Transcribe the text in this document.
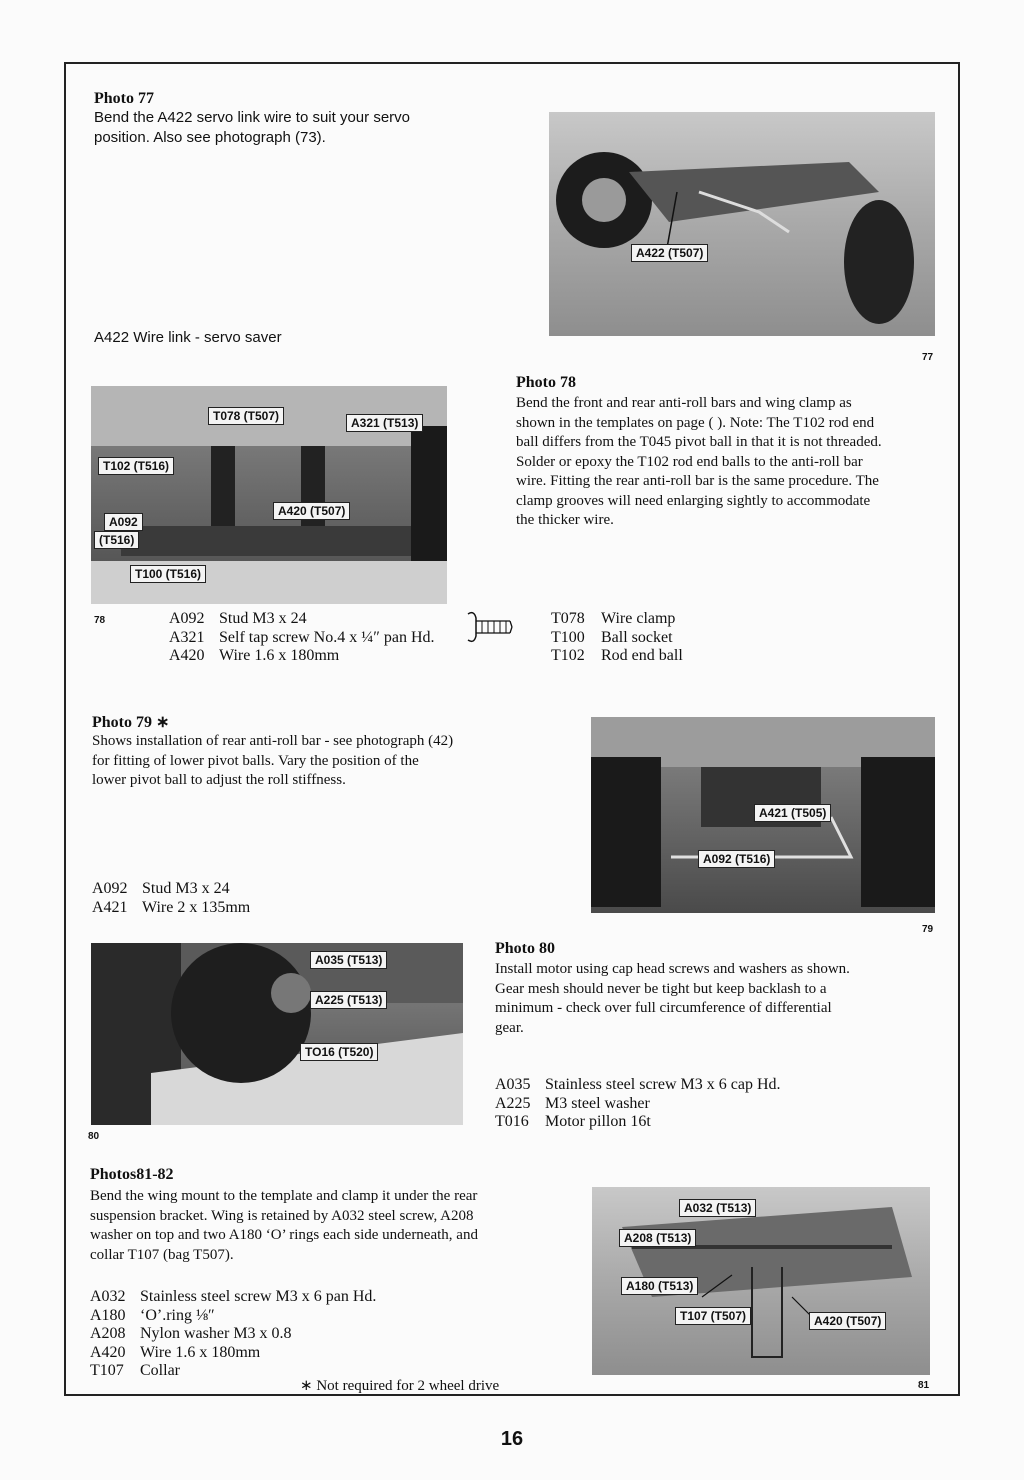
Photo 77
Bend the A422 servo link wire to suit your servo position. Also see photograph (73).
A422 Wire link - servo saver
A422 (T507)
77
Photo 78
Bend the front and rear anti-roll bars and wing clamp as shown in the templates on page ( ). Note: The T102 rod end ball differs from the T045 pivot ball in that it is not threaded. Solder or epoxy the T102 rod end balls to the anti-roll bar wire. Fitting the rear anti-roll bar is the same procedure. The clamp grooves will need enlarging sightly to accommodate the thicker wire.
T078 (T507)	A321 (T513)
T102 (T516)
A092
(T516)
A420 (T507)
T100 (T516)
78	A092 Stud M3 x 24
A321 Self tap screw No.4 x ¼″ pan Hd.
A420 Wire 1.6 x 180mm
T078	Wire clamp
T100	Ball socket
T102	Rod end ball
Photo 79 ∗
Shows installation of rear anti-roll bar - see photograph (42) for fitting of lower pivot balls. Vary the position of the lower pivot ball to adjust the roll stiffness.
A421 (T505)
A092 (T516)
79
A092 Stud M3 x 24
A421 Wire 2 x 135mm
Photo 80
Install motor using cap head screws and washers as shown. Gear mesh should never be tight but keep backlash to a minimum - check over full circumference of differential gear.
A035 (T513)
A225 (T513)
TO16 (T520)
80
A035 Stainless steel screw M3 x 6 cap Hd.
A225 M3 steel washer
T016	Motor pillon 16t
Photos81-82
Bend the wing mount to the template and clamp it under the rear suspension bracket. Wing is retained by A032 steel screw, A208 washer on top and two A180 ‘O’ rings each side underneath, and collar T107 (bag T507).
A032 Stainless steel screw M3 x 6 pan Hd.
A180 ‘O’.ring ⅛″
A208 Nylon washer M3 x 0.8
A420 Wire 1.6 x 180mm
T107	Collar
∗ Not required for 2 wheel drive
A032 (T513)
A208 (T513)
A180 (T513)
T107 (T507)	A420 (T507)
81
16
